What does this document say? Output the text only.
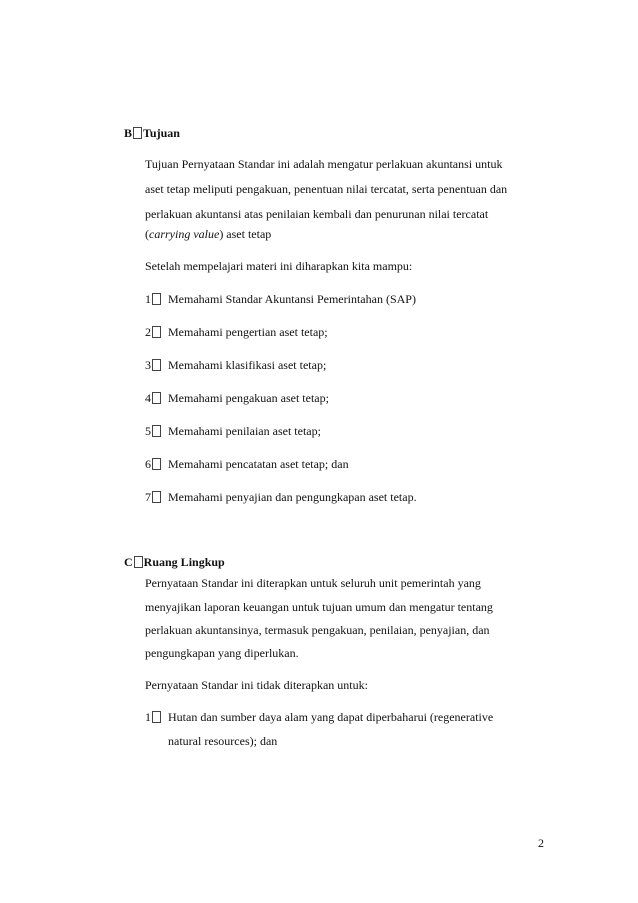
B Tujuan
Tujuan Pernyataan Standar ini adalah mengatur perlakuan akuntansi untuk
aset tetap meliputi pengakuan, penentuan nilai tercatat, serta penentuan dan
perlakuan akuntansi atas penilaian kembali dan penurunan nilai tercatat
(carrying value) aset tetap
Setelah mempelajari materi ini diharapkan kita mampu:
1 Memahami Standar Akuntansi Pemerintahan (SAP)
2 Memahami pengertian aset tetap;
3 Memahami klasifikasi aset tetap;
4 Memahami pengakuan aset tetap;
5 Memahami penilaian aset tetap;
6 Memahami pencatatan aset tetap; dan
7 Memahami penyajian dan pengungkapan aset tetap.
C Ruang Lingkup
Pernyataan Standar ini diterapkan untuk seluruh unit pemerintah yang
menyajikan laporan keuangan untuk tujuan umum dan mengatur tentang
perlakuan akuntansinya, termasuk pengakuan, penilaian, penyajian, dan
pengungkapan yang diperlukan.
Pernyataan Standar ini tidak diterapkan untuk:
1 Hutan dan sumber daya alam yang dapat diperbaharui (regenerative
natural resources); dan
2
